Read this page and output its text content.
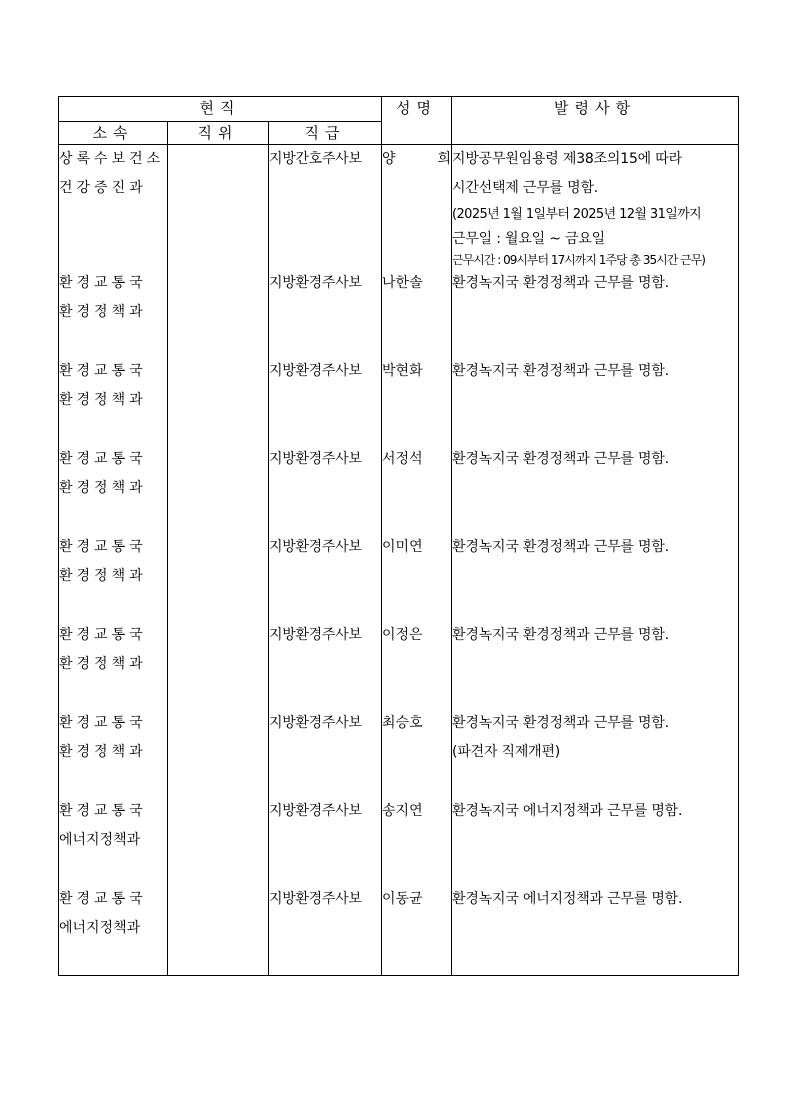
현직			성명	발령사항
소속	직위	직급		

상록수보건소
건강증진과		지방간호주사보	양 희	지방공무원임용령 제38조의15에 따라
시간선택제 근무를 명함.
(2025년 1월 1일부터 2025년 12월 31일까지
근무일 : 월요일 ~ 금요일
근무시간 : 09시부터 17시까지 1주당 총 35시간 근무)

환경교통국
환경정책과		지방환경주사보	나한솔	환경녹지국 환경정책과 근무를 명함.

환경교통국
환경정책과		지방환경주사보	박현화	환경녹지국 환경정책과 근무를 명함.

환경교통국
환경정책과		지방환경주사보	서정석	환경녹지국 환경정책과 근무를 명함.

환경교통국
환경정책과		지방환경주사보	이미연	환경녹지국 환경정책과 근무를 명함.

환경교통국
환경정책과		지방환경주사보	이정은	환경녹지국 환경정책과 근무를 명함.

환경교통국
환경정책과		지방환경주사보	최승호	환경녹지국 환경정책과 근무를 명함.
(파견자 직제개편)

환경교통국
에너지정책과		지방환경주사보	송지연	환경녹지국 에너지정책과 근무를 명함.

환경교통국
에너지정책과		지방환경주사보	이동균	환경녹지국 에너지정책과 근무를 명함.
